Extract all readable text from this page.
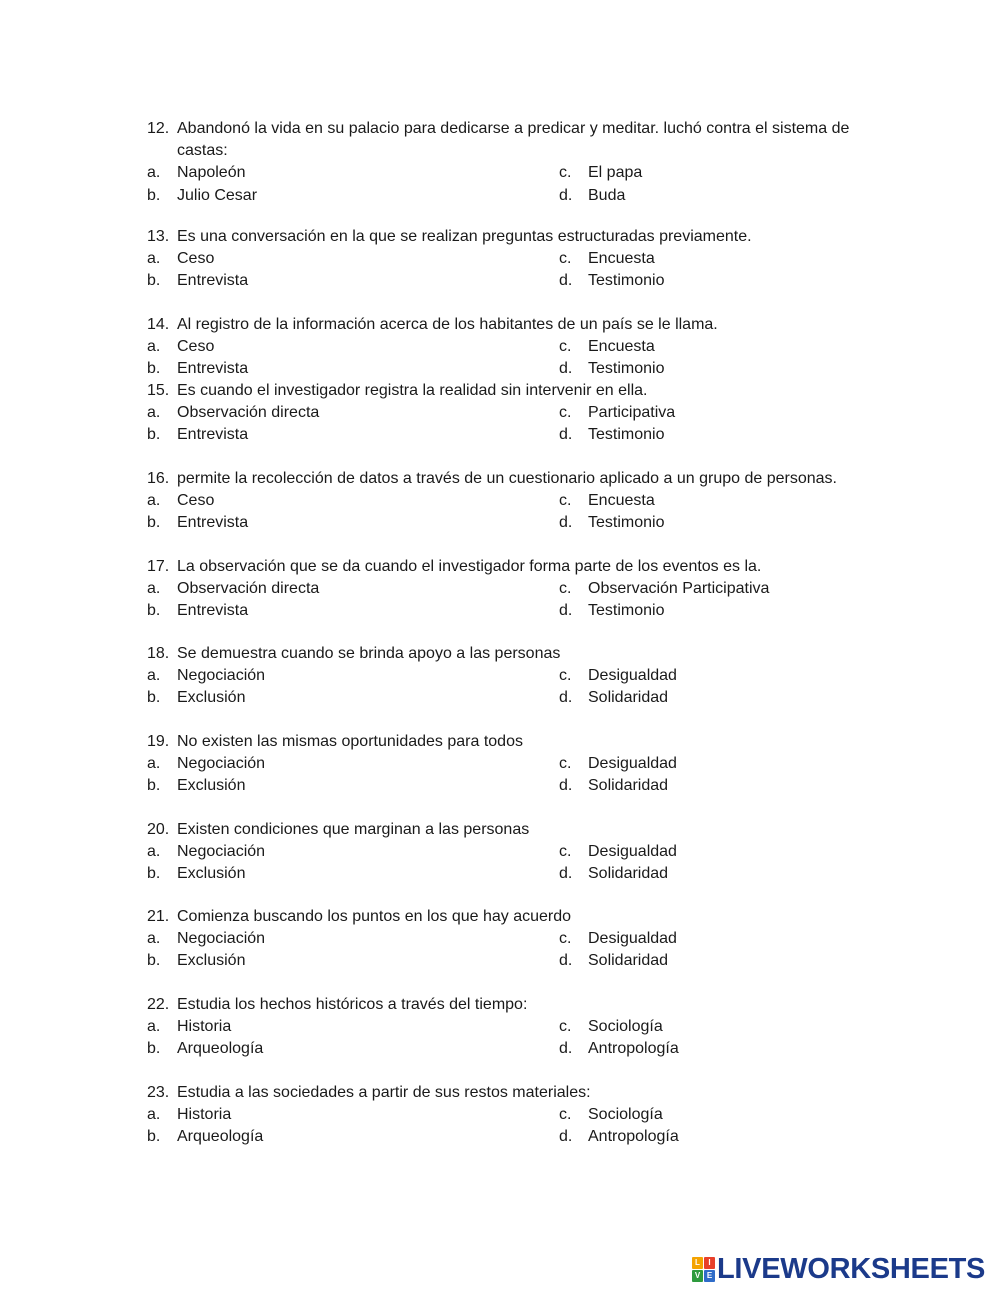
12. Abandonó la vida en su palacio para dedicarse a predicar y meditar. luchó contra el sistema de castas:
a. Napoleón	c. El papa
b. Julio Cesar	d. Buda
13. Es una conversación en la que se realizan preguntas estructuradas previamente.
a. Ceso	c. Encuesta
b. Entrevista	d. Testimonio
14. Al registro de la información acerca de los habitantes de un país se le llama.
a. Ceso	c. Encuesta
b. Entrevista	d. Testimonio
15. Es cuando el investigador registra la realidad sin intervenir en ella.
a. Observación directa	c. Participativa
b. Entrevista	d. Testimonio
16. permite la recolección de datos a través de un cuestionario aplicado a un grupo de personas.
a. Ceso	c. Encuesta
b. Entrevista	d. Testimonio
17. La observación que se da cuando el investigador forma parte de los eventos es la.
a. Observación directa	c. Observación Participativa
b. Entrevista	d. Testimonio
18. Se demuestra cuando se brinda apoyo a las personas
a. Negociación	c. Desigualdad
b. Exclusión	d. Solidaridad
19. No existen las mismas oportunidades para todos
a. Negociación	c. Desigualdad
b. Exclusión	d. Solidaridad
20. Existen condiciones que marginan a las personas
a. Negociación	c. Desigualdad
b. Exclusión	d. Solidaridad
21. Comienza buscando los puntos en los que hay acuerdo
a. Negociación	c. Desigualdad
b. Exclusión	d. Solidaridad
22. Estudia los hechos históricos a través del tiempo:
a. Historia	c. Sociología
b. Arqueología	d. Antropología
23. Estudia a las sociedades a partir de sus restos materiales:
a. Historia	c. Sociología
b. Arqueología	d. Antropología
L	I
V E LIVEWORKSHEETS
